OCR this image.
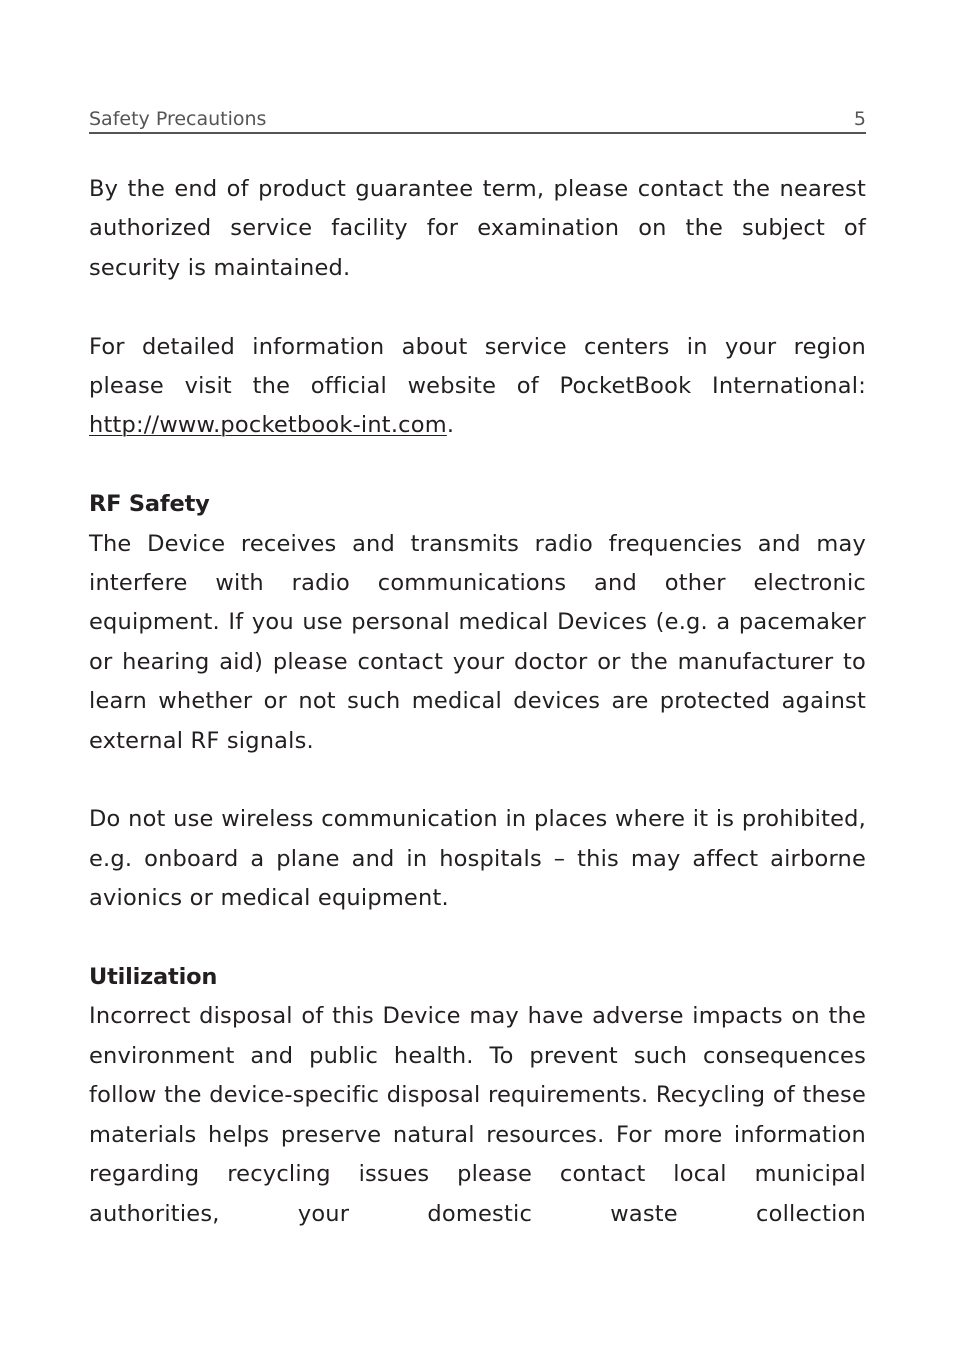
Safety Precautions	5

By the end of product guarantee term, please contact the nearest authorized service facility for examination on the subject of security is maintained.

For detailed information about service centers in your region please visit the official website of PocketBook International: http://www.pocketbook-int.com.

RF Safety

The Device receives and transmits radio frequencies and may interfere with radio communications and other electronic equipment. If you use personal medical Devices (e.g. a pacemaker or hearing aid) please contact your doctor or the manufacturer to learn whether or not such medical devices are protected against external RF signals.

Do not use wireless communication in places where it is prohibited, e.g. onboard a plane and in hospitals – this may affect airborne avionics or medical equipment.

Utilization

Incorrect disposal of this Device may have adverse impacts on the environment and public health. To prevent such consequences follow the device-specific disposal requirements. Recycling of these materials helps preserve natural resources. For more information regarding recycling issues please contact local municipal authorities, your domestic waste collection
